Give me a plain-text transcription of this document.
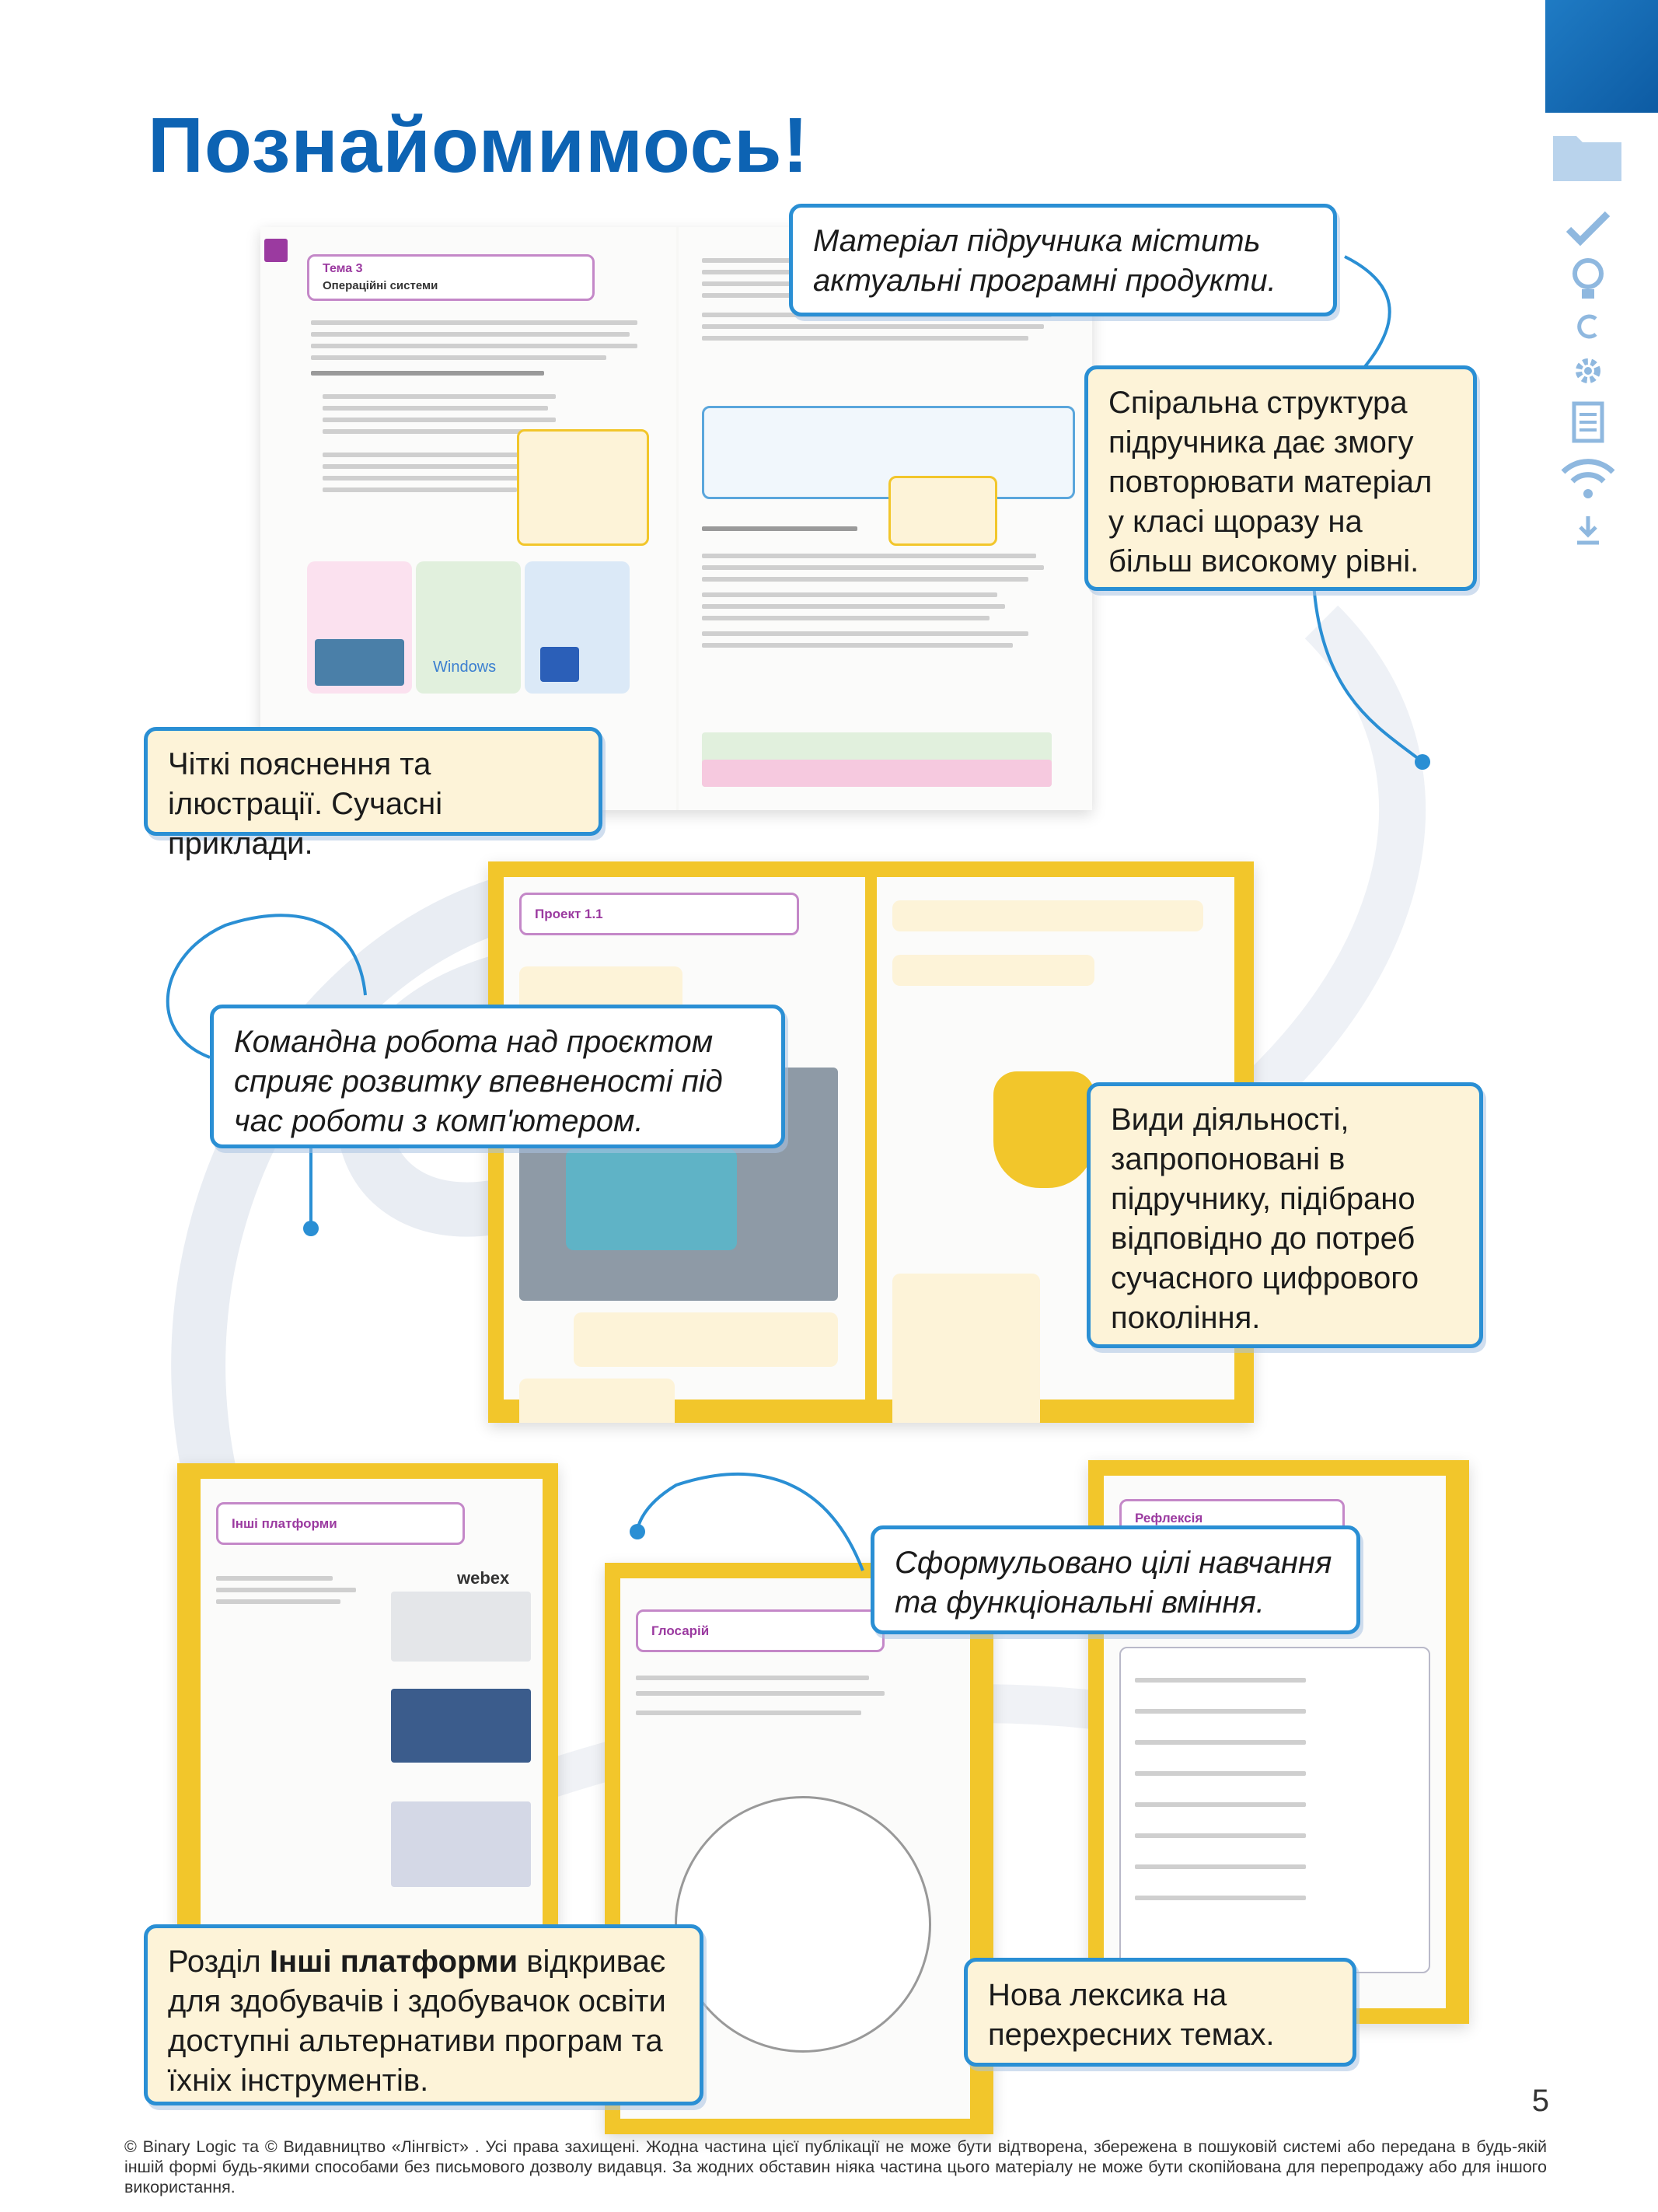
Познайомимось!
Тема 3
Операційні системи
Windows
Проект 1.1
Інші платформи
webex
Глосарій
Рефлексія
Матеріал підручника містить актуальні програмні продукти.
Спіральна структура підручника дає змогу повторювати матеріал у класі щоразу на більш високому рівні.
Чіткі пояснення та ілюстрації. Сучасні приклади.
Командна робота над проєктом сприяє розвитку впевненості під час роботи з комп'ютером.	Види діяльності, запропоновані в підручнику, підібрано відповідно до потреб сучасного цифрового покоління.
Сформульовано цілі навчання та функціональні вміння.
Розділ Інші платформи відкриває для здобувачів і здобувачок освіти доступні альтернативи програм та їхніх інструментів.
Нова лексика на перехресних темах.
5
© Binary Logic та © Видавництво «Лінгвіст» . Усі права захищені. Жодна частина цієї публікації не може бути відтворена, збережена в пошуковій системі або передана в будь-якій іншій формі будь-якими способами без письмового дозволу видавця. За жодних обставин ніяка частина цього матеріалу не може бути скопійована для перепродажу або для іншого використання.
